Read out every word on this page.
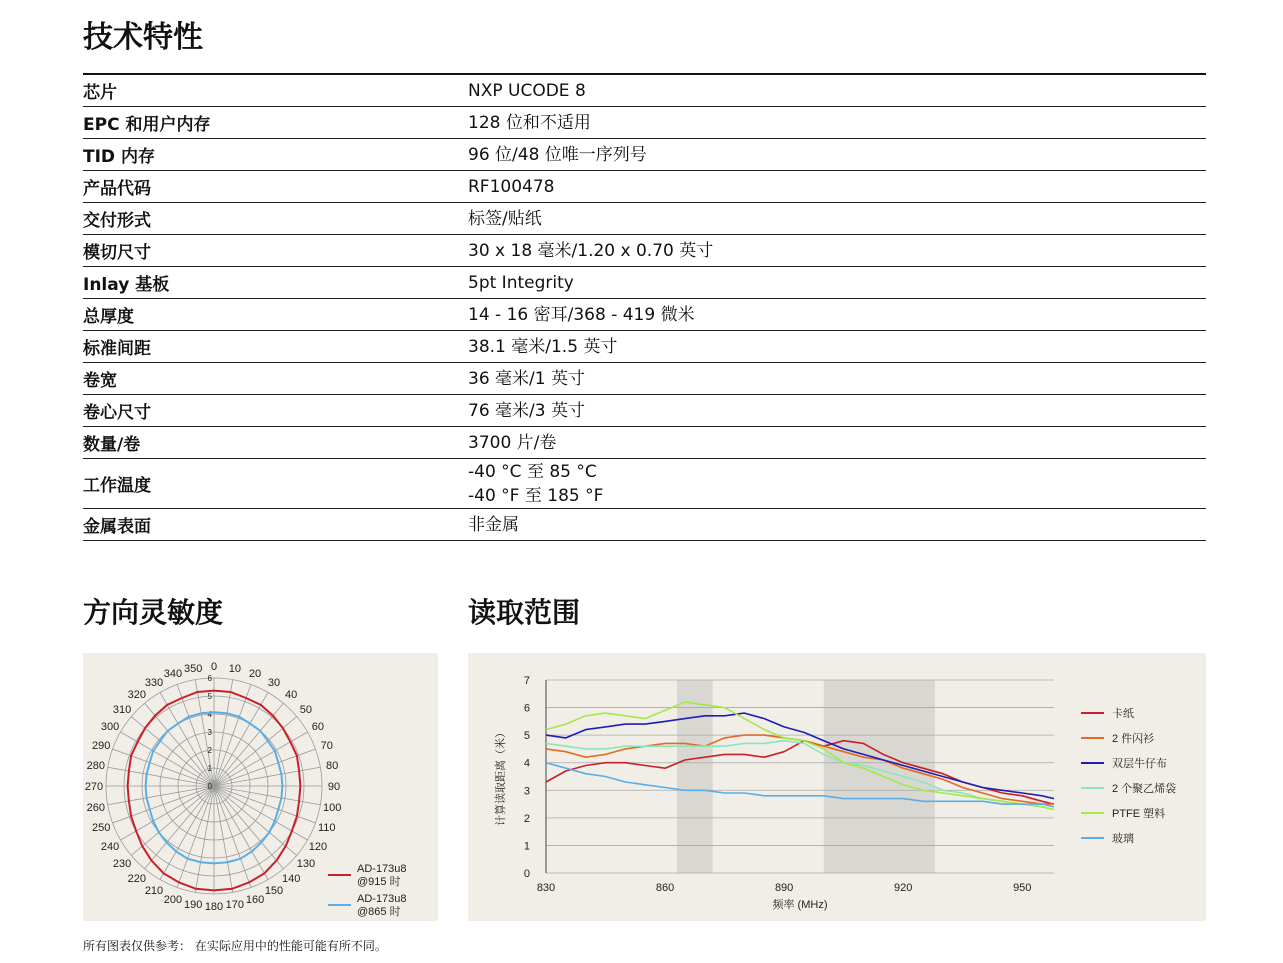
技术特性
芯片	NXP UCODE 8
EPC 和用户内存	128 位和不适用
TID 内存	96 位/48 位唯一序列号
产品代码	RF100478
交付形式	标签/贴纸
模切尺寸	30 x 18 毫米/1.20 x 0.70 英寸
Inlay 基板	5pt Integrity
总厚度	14 - 16 密耳/368 - 419 微米
标准间距	38.1 毫米/1.5 英寸
卷宽	36 毫米/1 英寸
卷心尺寸	76 毫米/3 英寸
数量/卷	3700 片/卷
工作温度
-40 °C 至 85 °C
-40 °F 至 185 °F
金属表面	非金属
方向灵敏度	读取范围
0 10 20
30
40
50
60
70
80
90
100
110
120
130
140
150
160
170
180
190
200
210
220
230
240
250
260
270
280
290
300
310
320
330
340 350
0
1
2
3
4
5
6
AD-173u8
@915 时
AD-173u8
@865 时
0
1
2
3
4
5
6
7
830	860	890	920	950
频率 (MHz)
计算读取距离（米）
卡纸
2 件闪衫
双层牛仔布
2 个聚乙烯袋
PTFE 塑料
玻璃
所有图表仅供参考： 在实际应用中的性能可能有所不同。
